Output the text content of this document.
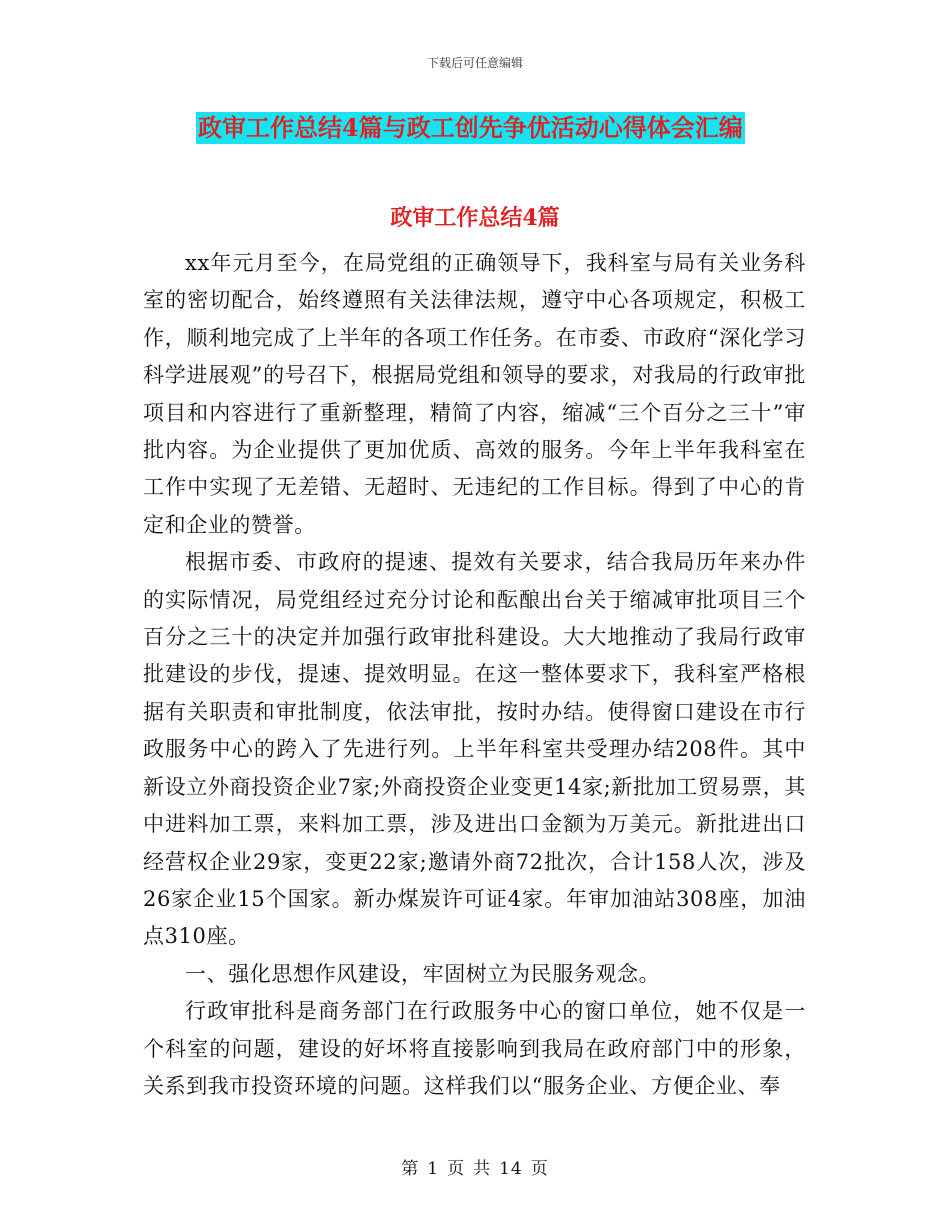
下载后可任意编辑
政审工作总结4篇与政工创先争优活动心得体会汇编
政审工作总结4篇

xx年元月至今，在局党组的正确领导下，我科室与局有关业务科室的密切配合，始终遵照有关法律法规，遵守中心各项规定，积极工作，顺利地完成了上半年的各项工作任务。在市委、市政府“深化学习科学进展观”的号召下，根据局党组和领导的要求，对我局的行政审批项目和内容进行了重新整理，精简了内容，缩减“三个百分之三十”审批内容。为企业提供了更加优质、高效的服务。今年上半年我科室在工作中实现了无差错、无超时、无违纪的工作目标。得到了中心的肯定和企业的赞誉。

根据市委、市政府的提速、提效有关要求，结合我局历年来办件的实际情况，局党组经过充分讨论和酝酿出台关于缩减审批项目三个百分之三十的决定并加强行政审批科建设。大大地推动了我局行政审批建设的步伐，提速、提效明显。在这一整体要求下，我科室严格根据有关职责和审批制度，依法审批，按时办结。使得窗口建设在市行政服务中心的跨入了先进行列。上半年科室共受理办结208件。其中新设立外商投资企业7家;外商投资企业变更14家;新批加工贸易票，其中进料加工票，来料加工票，涉及进出口金额为万美元。新批进出口经营权企业29家，变更22家;邀请外商72批次，合计158人次，涉及26家企业15个国家。新办煤炭许可证4家。年审加油站308座，加油点310座。

一、强化思想作风建设，牢固树立为民服务观念。

行政审批科是商务部门在行政服务中心的窗口单位，她不仅是一个科室的问题，建设的好坏将直接影响到我局在政府部门中的形象，关系到我市投资环境的问题。这样我们以“服务企业、方便企业、奉

第 1 页 共 14 页
